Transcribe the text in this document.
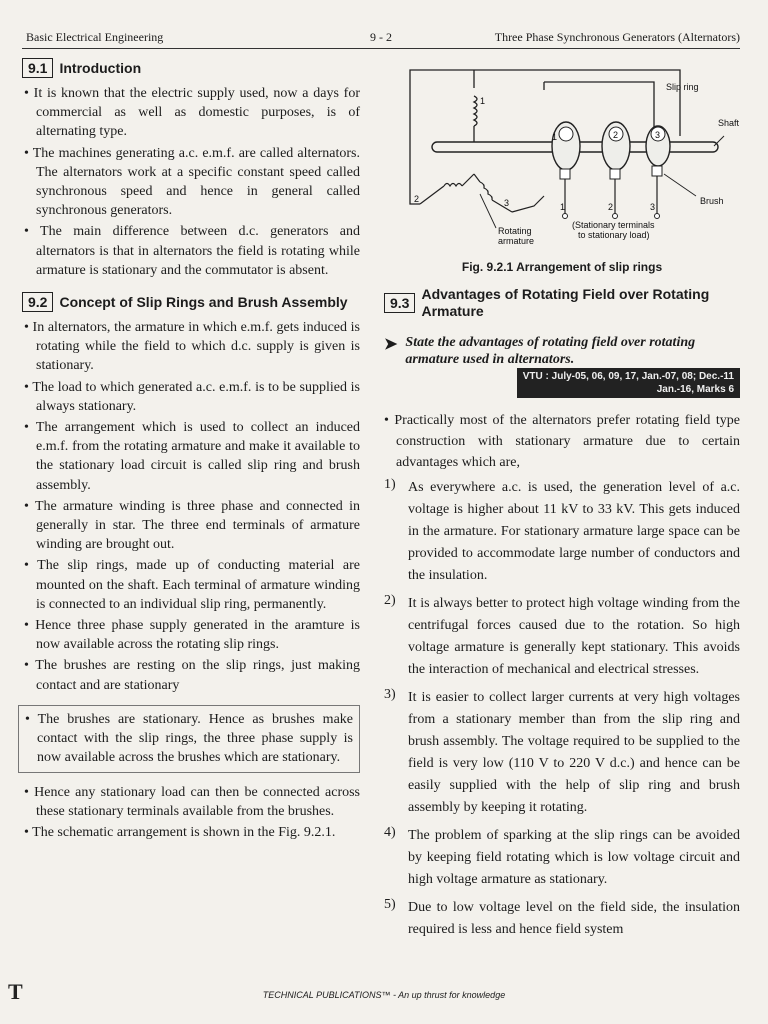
Basic Electrical Engineering	9 - 2	Three Phase Synchronous Generators (Alternators)
9.1 Introduction

• It is known that the electric supply used, now a days for commercial as well as domestic purposes, is of alternating type.

• The machines generating a.c. e.m.f. are called alternators. The alternators work at a specific constant speed called synchronous speed and hence in general called synchronous generators.

• The main difference between d.c. generators and alternators is that in alternators the field is rotating while armature is stationary and the commutator is absent.

9.2 Concept of Slip Rings and Brush Assembly

• In alternators, the armature in which e.m.f. gets induced is rotating while the field to which d.c. supply is given is stationary.

• The load to which generated a.c. e.m.f. is to be supplied is always stationary.

• The arrangement which is used to collect an induced e.m.f. from the rotating armature and make it available to the stationary load circuit is called slip ring and brush assembly.

• The armature winding is three phase and connected in generally in star. The three end terminals of armature winding are brought out.

• The slip rings, made up of conducting material are mounted on the shaft. Each terminal of armature winding is connected to an individual slip ring, permanently.

• Hence three phase supply generated in the aramture is now available across the rotating slip rings.

• The brushes are resting on the slip rings, just making contact and are stationary

• The brushes are stationary. Hence as brushes make contact with the slip rings, the three phase supply is now available across the brushes which are stationary.

• Hence any stationary load can then be connected across these stationary terminals available from the brushes.

• The schematic arrangement is shown in the Fig. 9.2.1.

Slip ring
Shaft
Brush
Rotating
armature
(Stationary terminals
to stationary load)
1
2	3
1	2	3
1	2	3
Fig. 9.2.1 Arrangement of slip rings
9.3
Advantages of Rotating Field over Rotating Armature
➤ State the advantages of rotating field over rotating armature used in alternators.
VTU : July-05, 06, 09, 17, Jan.-07, 08; Dec.-11
Jan.-16, Marks 6

• Practically most of the alternators prefer rotating field type construction with stationary armature due to certain advantages which are,

1) As everywhere a.c. is used, the generation level of a.c. voltage is higher about 11 kV to 33 kV. This gets induced in the armature. For stationary armature large space can be provided to accommodate large number of conductors and the insulation.
2) It is always better to protect high voltage winding from the centrifugal forces caused due to the rotation. So high voltage armature is generally kept stationary. This avoids the interaction of mechanical and electrical stresses.
3) It is easier to collect larger currents at very high voltages from a stationary member than from the slip ring and brush assembly. The voltage required to be supplied to the field is very low (110 V to 220 V d.c.) and hence can be easily supplied with the help of slip ring and brush assembly by keeping it rotating.
4) The problem of sparking at the slip rings can be avoided by keeping field rotating which is low voltage circuit and high voltage armature as stationary.
5) Due to low voltage level on the field side, the insulation required is less and hence field system
T	TECHNICAL PUBLICATIONS™ - An up thrust for knowledge
